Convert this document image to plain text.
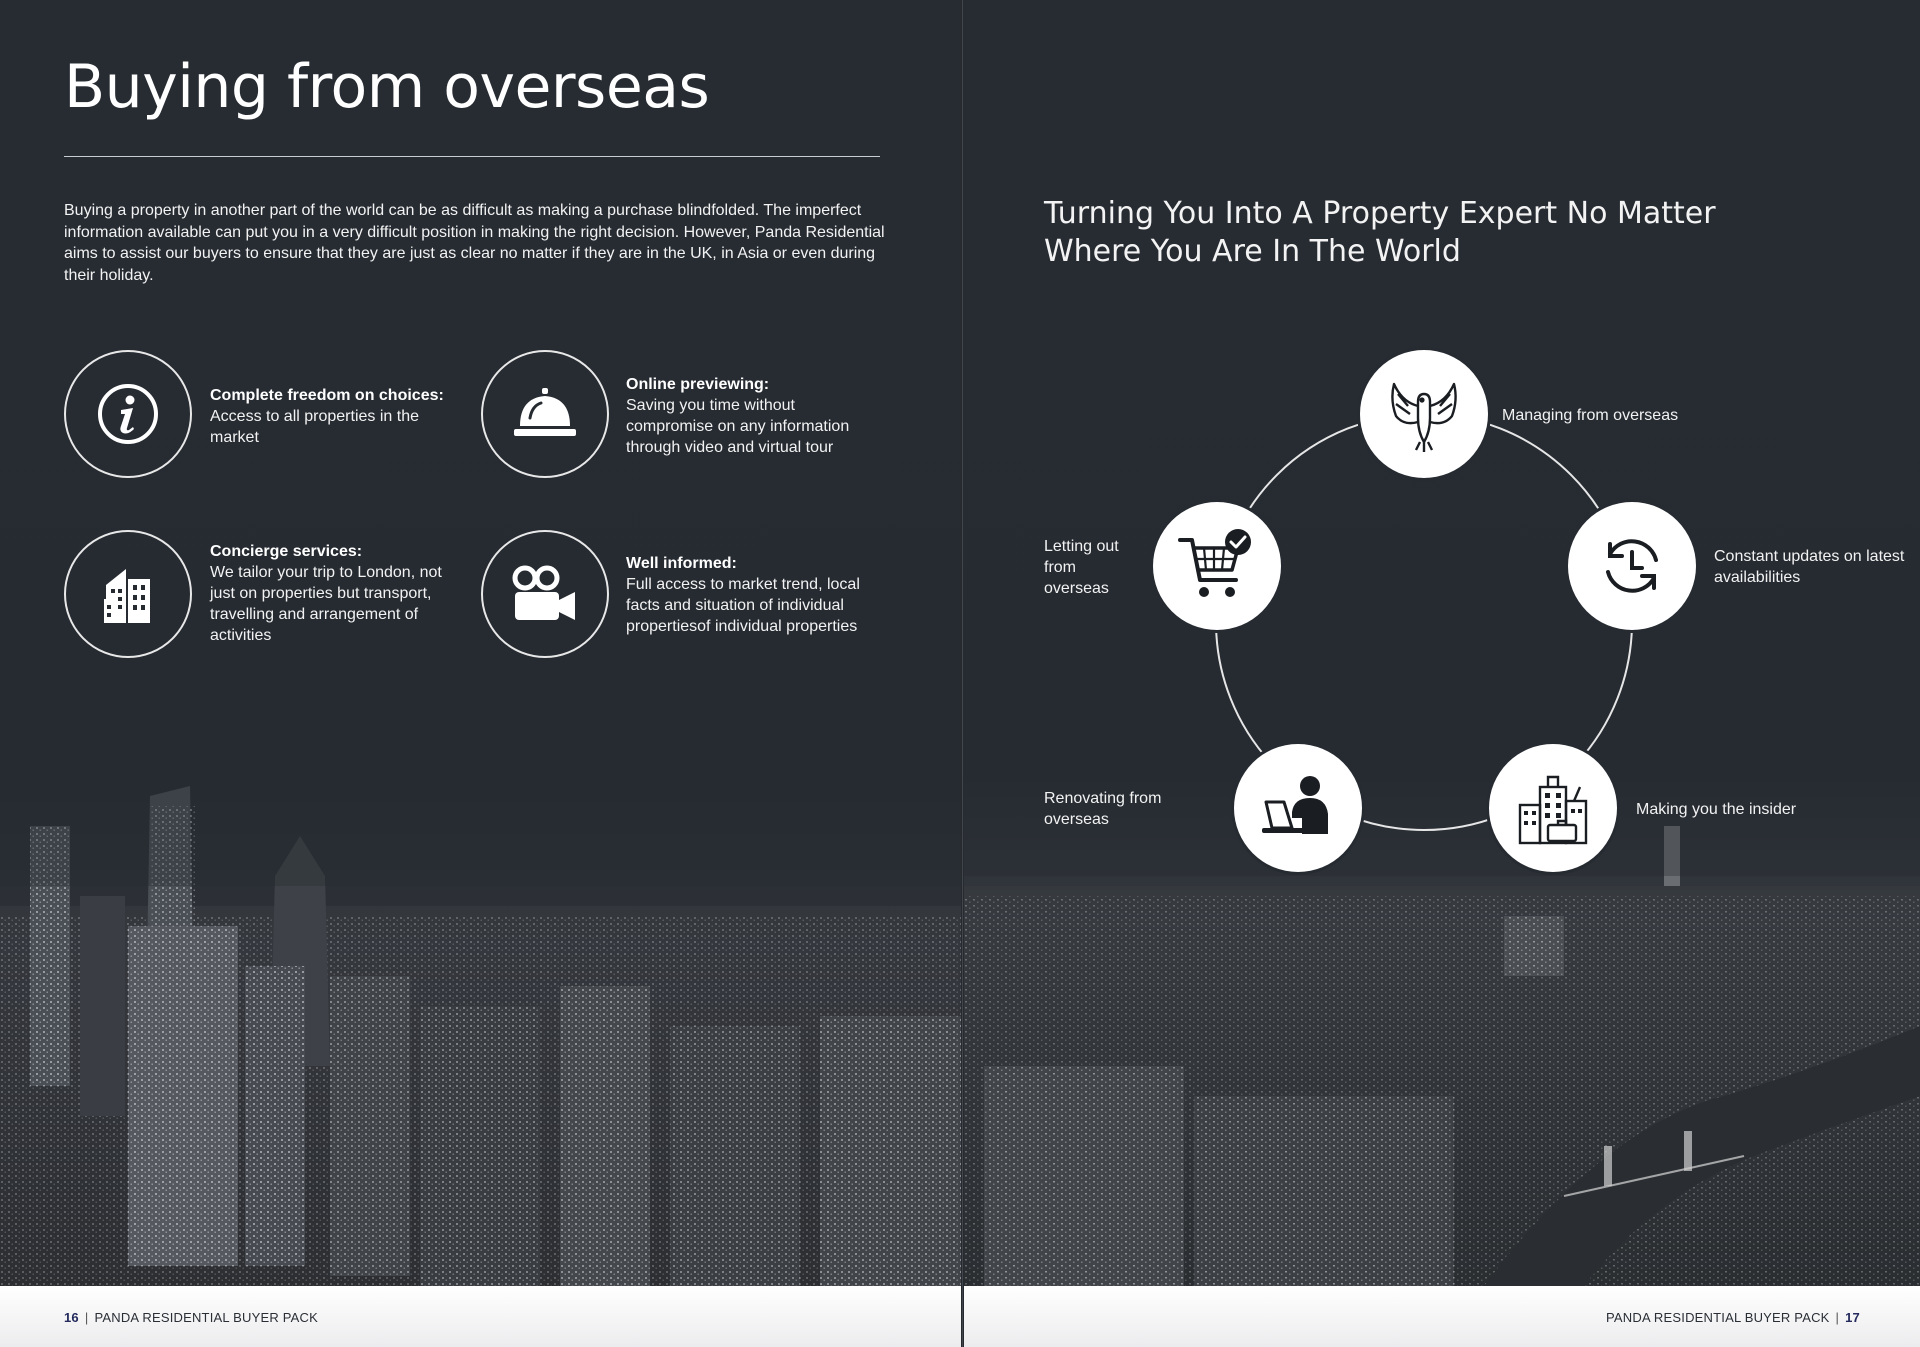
Buying from overseas

Buying a property in another part of the world can be as difficult as making a purchase blindfolded. The imperfect information available can put you in a very difficult position in making the right decision. However, Panda Residential aims to assist our buyers to ensure that they are just as clear no matter if they are in the UK, in Asia or even during their holiday.

Complete freedom on choices:
Access to all properties in the market
Online previewing:
Saving you time without compromise on any information through video and virtual tour
Concierge services:
We tailor your trip to London, not just on properties but transport, travelling and arrangement of activities
Well informed:
Full access to market trend, local facts and situation of individual propertiesof individual properties
16 | PANDA RESIDENTIAL BUYER PACK
Turning You Into A Property Expert No Matter Where You Are In The World
Managing from overseas
Constant updates on latest availabilities
Making you the insider
Renovating from overseas
Letting out from overseas
PANDA RESIDENTIAL BUYER PACK | 17
